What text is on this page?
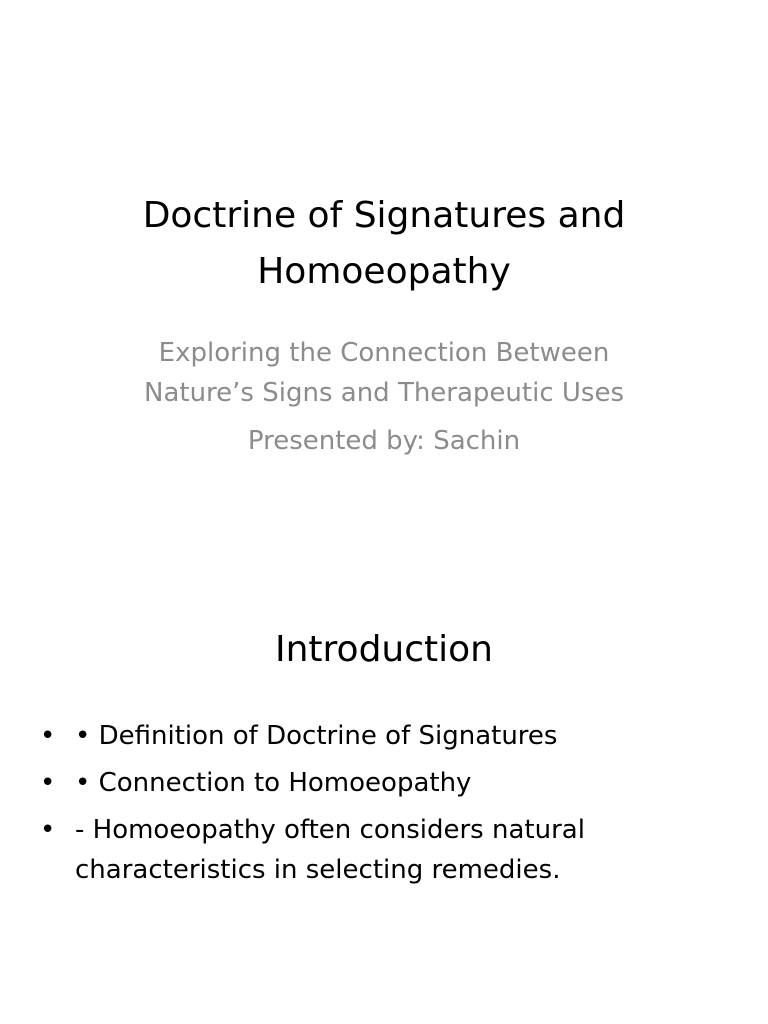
Doctrine of Signatures and
Homoeopathy
Exploring the Connection Between
Nature’s Signs and Therapeutic Uses
Presented by: Sachin
Introduction
• • Definition of Doctrine of Signatures
• • Connection to Homoeopathy
• - Homoeopathy often considers natural
characteristics in selecting remedies.
